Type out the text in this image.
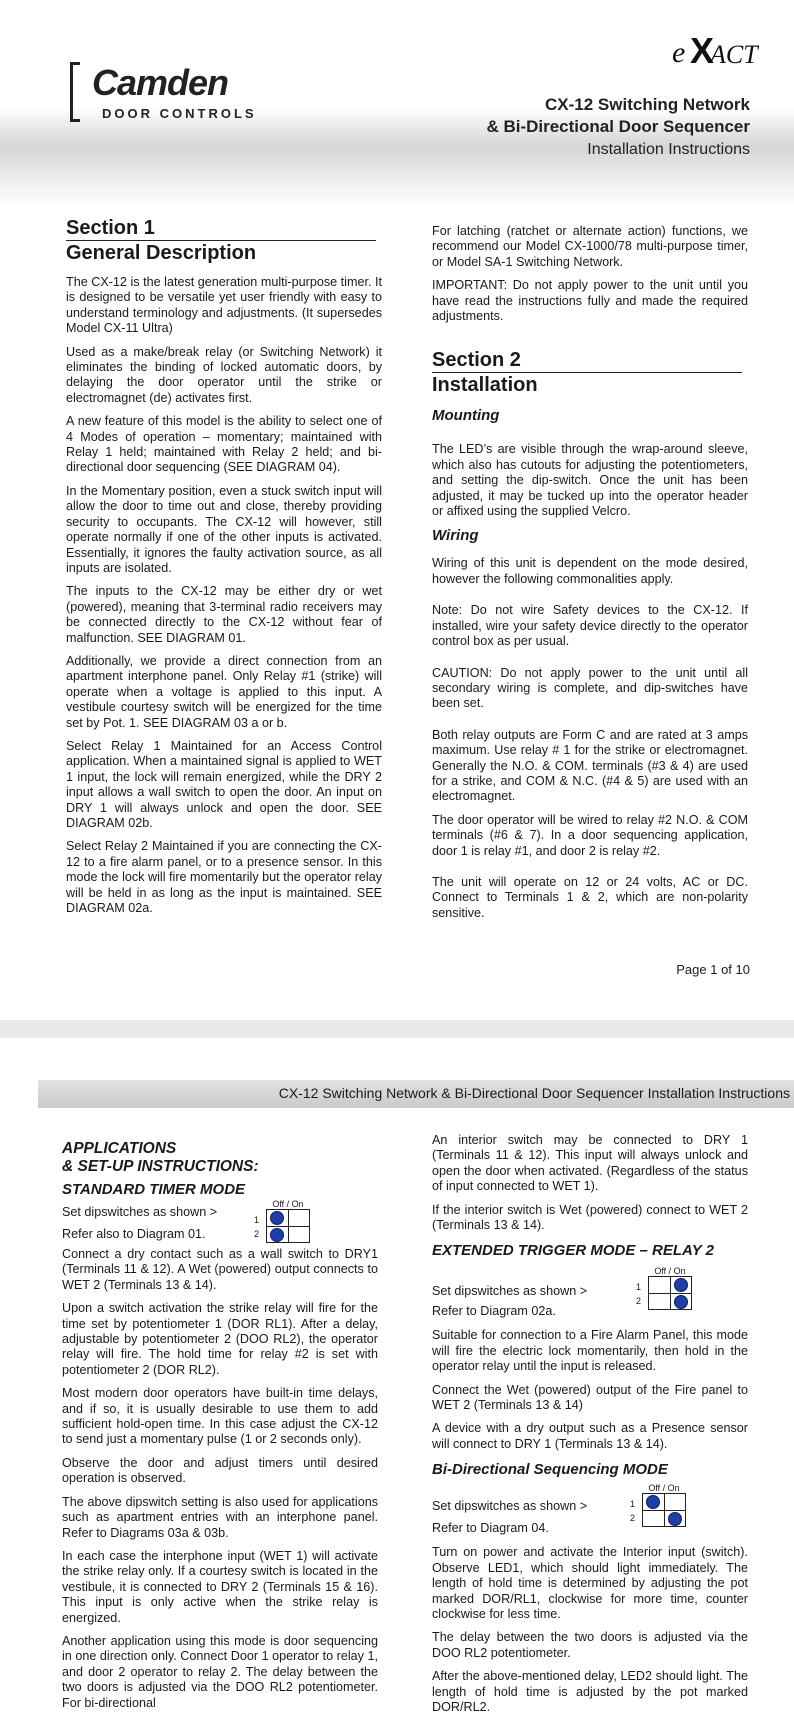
Camden
DOOR CONTROLS
e X
ACT
CX-12 Switching Network
& Bi-Directional Door Sequencer
Installation Instructions
Section 1
General Description

The CX-12 is the latest generation multi-purpose timer. It is designed to be versatile yet user friendly with easy to understand terminology and adjustments. (It supersedes Model CX-11 Ultra)

Used as a make/break relay (or Switching Network) it eliminates the binding of locked automatic doors, by delaying the door operator until the strike or electromagnet (de) activates first.

A new feature of this model is the ability to select one of 4 Modes of operation – momentary; maintained with Relay 1 held; maintained with Relay 2 held; and bi-directional door sequencing (SEE DIAGRAM 04).

In the Momentary position, even a stuck switch input will allow the door to time out and close, thereby providing security to occupants. The CX-12 will however, still operate normally if one of the other inputs is activated. Essentially, it ignores the faulty activation source, as all inputs are isolated.

The inputs to the CX-12 may be either dry or wet (powered), meaning that 3-terminal radio receivers may be connected directly to the CX-12 without fear of malfunction. SEE DIAGRAM 01.

Additionally, we provide a direct connection from an apartment interphone panel. Only Relay #1 (strike) will operate when a voltage is applied to this input. A vestibule courtesy switch will be energized for the time set by Pot. 1. SEE DIAGRAM 03 a or b.

Select Relay 1 Maintained for an Access Control application. When a maintained signal is applied to WET 1 input, the lock will remain energized, while the DRY 2 input allows a wall switch to open the door. An input on DRY 1 will always unlock and open the door. SEE DIAGRAM 02b.

Select Relay 2 Maintained if you are connecting the CX-12 to a fire alarm panel, or to a presence sensor. In this mode the lock will fire momentarily but the operator relay will be held in as long as the input is maintained. SEE DIAGRAM 02a.

For latching (ratchet or alternate action) functions, we recommend our Model CX-1000/78 multi-purpose timer, or Model SA-1 Switching Network.

IMPORTANT: Do not apply power to the unit until you have read the instructions fully and made the required adjustments.

Section 2
Installation
Mounting

The LED’s are visible through the wrap-around sleeve, which also has cutouts for adjusting the potentiometers, and setting the dip-switch. Once the unit has been adjusted, it may be tucked up into the operator header or affixed using the supplied Velcro.

Wiring

Wiring of this unit is dependent on the mode desired, however the following commonalities apply.

Note: Do not wire Safety devices to the CX-12. If installed, wire your safety device directly to the operator control box as per usual.

CAUTION: Do not apply power to the unit until all secondary wiring is complete, and dip-switches have been set.

Both relay outputs are Form C and are rated at 3 amps maximum. Use relay # 1 for the strike or electromagnet. Generally the N.O. & COM. terminals (#3 & 4) are used for a strike, and COM & N.C. (#4 & 5) are used with an electromagnet.

The door operator will be wired to relay #2 N.O. & COM terminals (#6 & 7). In a door sequencing application, door 1 is relay #1, and door 2 is relay #2.

The unit will operate on 12 or 24 volts, AC or DC. Connect to Terminals 1 & 2, which are non-polarity sensitive.

Page 1 of 10
CX-12 Switching Network & Bi-Directional Door Sequencer Installation Instructions
APPLICATIONS
& SET-UP INSTRUCTIONS:
STANDARD TIMER MODE
Set dipswitches as shown >
Refer also to Diagram 01.
Off / On
1
2

Connect a dry contact such as a wall switch to DRY1 (Terminals 11 & 12). A Wet (powered) output connects to WET 2 (Terminals 13 & 14).

Upon a switch activation the strike relay will fire for the time set by potentiometer 1 (DOR RL1). After a delay, adjustable by potentiometer 2 (DOO RL2), the operator relay will fire. The hold time for relay #2 is set with potentiometer 2 (DOR RL2).

Most modern door operators have built-in time delays, and if so, it is usually desirable to use them to add sufficient hold-open time. In this case adjust the CX-12 to send just a momentary pulse (1 or 2 seconds only).

Observe the door and adjust timers until desired operation is observed.

The above dipswitch setting is also used for applications such as apartment entries with an interphone panel. Refer to Diagrams 03a & 03b.

In each case the interphone input (WET 1) will activate the strike relay only. If a courtesy switch is located in the vestibule, it is connected to DRY 2 (Terminals 15 & 16). This input is only active when the strike relay is energized.

Another application using this mode is door sequencing in one direction only. Connect Door 1 operator to relay 1, and door 2 operator to relay 2. The delay between the two doors is adjusted via the DOO RL2 potentiometer. For bi-directional

An interior switch may be connected to DRY 1 (Terminals 11 & 12). This input will always unlock and open the door when activated. (Regardless of the status of input connected to WET 1).

If the interior switch is Wet (powered) connect to WET 2 (Terminals 13 & 14).

EXTENDED TRIGGER MODE – RELAY 2
Set dipswitches as shown >
Refer to Diagram 02a.
Off / On
1
2

Suitable for connection to a Fire Alarm Panel, this mode will fire the electric lock momentarily, then hold in the operator relay until the input is released.

Connect the Wet (powered) output of the Fire panel to WET 2 (Terminals 13 & 14)

A device with a dry output such as a Presence sensor will connect to DRY 1 (Terminals 13 & 14).

Bi-Directional Sequencing MODE
Set dipswitches as shown >
Refer to Diagram 04.
Off / On
1
2

Turn on power and activate the Interior input (switch). Observe LED1, which should light immediately. The length of hold time is determined by adjusting the pot marked DOR/RL1, clockwise for more time, counter clockwise for less time.

The delay between the two doors is adjusted via the DOO RL2 potentiometer.

After the above-mentioned delay, LED2 should light. The length of hold time is adjusted by the pot marked DOR/RL2.
